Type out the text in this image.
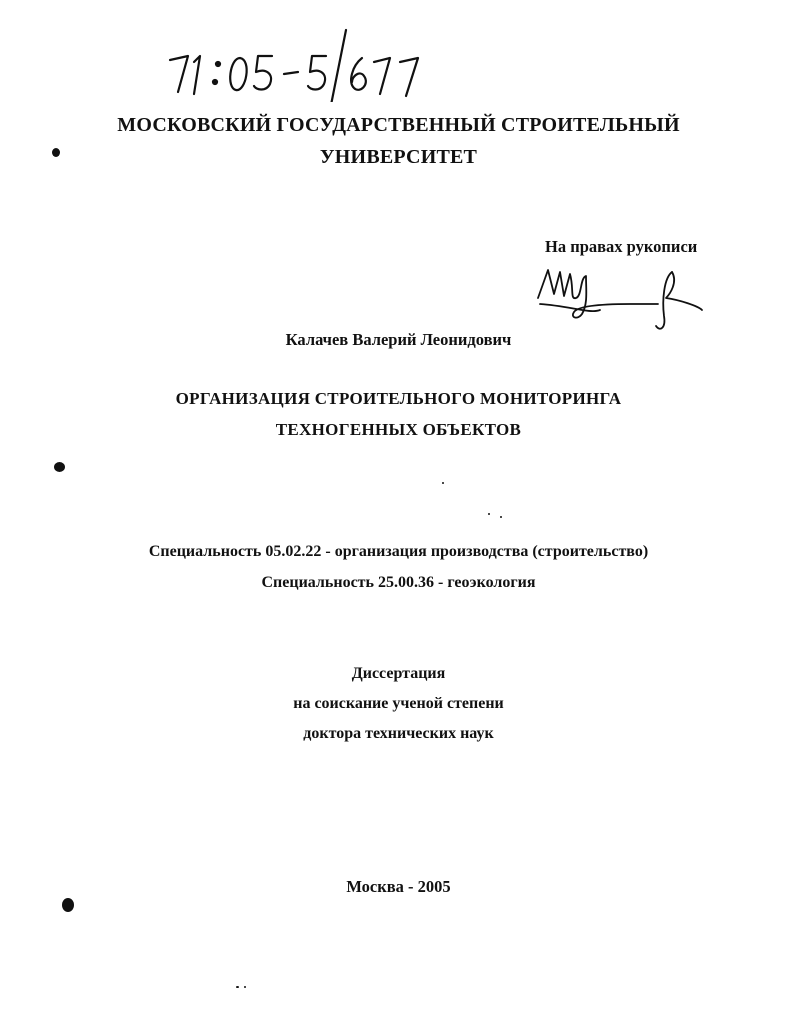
МОСКОВСКИЙ ГОСУДАРСТВЕННЫЙ СТРОИТЕЛЬНЫЙ
УНИВЕРСИТЕТ
На правах рукописи
Калачев Валерий Леонидович
ОРГАНИЗАЦИЯ СТРОИТЕЛЬНОГО МОНИТОРИНГА
ТЕХНОГЕННЫХ ОБЪЕКТОВ
Специальность 05.02.22 - организация производства (строительство)
Специальность 25.00.36 - геоэкология
Диссертация
на соискание ученой степени
доктора технических наук
Москва - 2005
